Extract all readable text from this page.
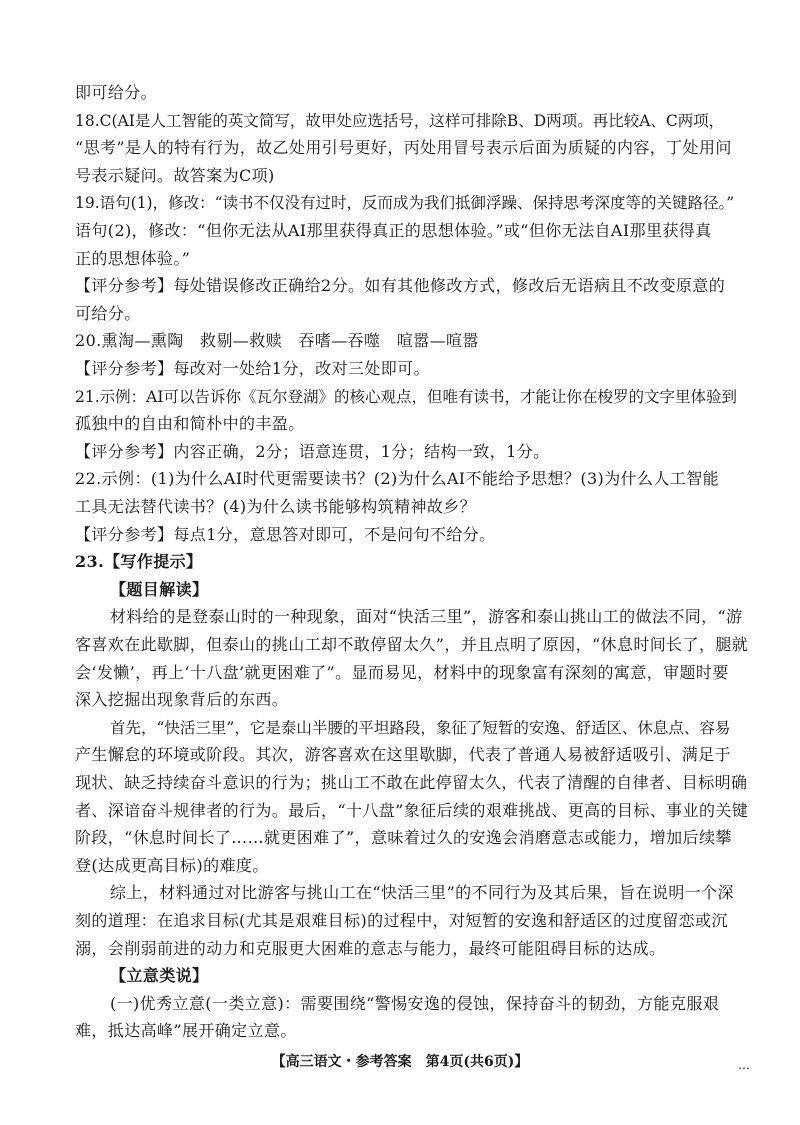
即可给分。
18.C(AI是人工智能的英文简写，故甲处应选括号，这样可排除B、D两项。再比较A、C两项，
“思考”是人的特有行为，故乙处用引号更好，丙处用冒号表示后面为质疑的内容，丁处用问
号表示疑问。故答案为C项)
19.语句(1)，修改：“读书不仅没有过时，反而成为我们抵御浮躁、保持思考深度等的关键路径。”
语句(2)，修改：“但你无法从AI那里获得真正的思想体验。”或“但你无法自AI那里获得真
正的思想体验。”
【评分参考】每处错误修改正确给2分。如有其他修改方式，修改后无语病且不改变原意的
可给分。
20.熏淘—熏陶　救剔—救赎　吞嗜—吞噬　喧嚣—喧嚣
【评分参考】每改对一处给1分，改对三处即可。
21.示例：AI可以告诉你《瓦尔登湖》的核心观点，但唯有读书，才能让你在梭罗的文字里体验到
孤独中的自由和简朴中的丰盈。
【评分参考】内容正确，2分；语意连贯，1分；结构一致，1分。
22.示例：(1)为什么AI时代更需要读书？(2)为什么AI不能给予思想？(3)为什么人工智能
工具无法替代读书？(4)为什么读书能够构筑精神故乡？
【评分参考】每点1分，意思答对即可，不是问句不给分。
23.【写作提示】
【题目解读】
材料给的是登泰山时的一种现象，面对“快活三里”，游客和泰山挑山工的做法不同，“游
客喜欢在此歇脚，但泰山的挑山工却不敢停留太久”，并且点明了原因，“休息时间长了，腿就
会‘发懒’，再上‘十八盘’就更困难了”。显而易见，材料中的现象富有深刻的寓意，审题时要
深入挖掘出现象背后的东西。
首先，“快活三里”，它是泰山半腰的平坦路段，象征了短暂的安逸、舒适区、休息点、容易
产生懈怠的环境或阶段。其次，游客喜欢在这里歇脚，代表了普通人易被舒适吸引、满足于
现状、缺乏持续奋斗意识的行为；挑山工不敢在此停留太久，代表了清醒的自律者、目标明确
者、深谙奋斗规律者的行为。最后，“十八盘”象征后续的艰难挑战、更高的目标、事业的关键
阶段，“休息时间长了……就更困难了”，意味着过久的安逸会消磨意志或能力，增加后续攀
登(达成更高目标)的难度。
综上，材料通过对比游客与挑山工在“快活三里”的不同行为及其后果，旨在说明一个深
刻的道理：在追求目标(尤其是艰难目标)的过程中，对短暂的安逸和舒适区的过度留恋或沉
溺，会削弱前进的动力和克服更大困难的意志与能力，最终可能阻碍目标的达成。
【立意类说】
(一)优秀立意(一类立意)：需要围绕“警惕安逸的侵蚀，保持奋斗的韧劲，方能克服艰
难，抵达高峰”展开确定立意。
【高三语文・参考答案　第4页(共6页)】	…
